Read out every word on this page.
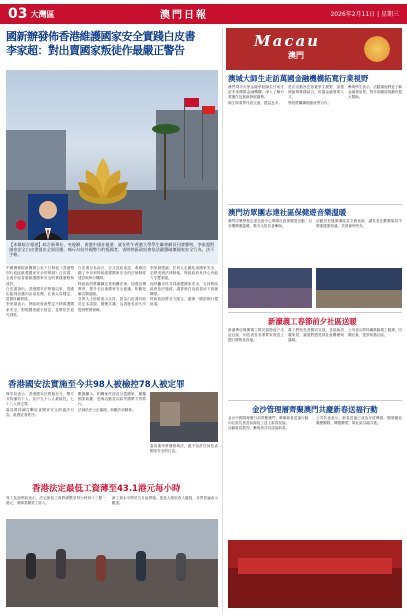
03 大灣區	澳門日報	2026年2月11日 | 星期三
國新辦發佈香港維護國家安全實踐白皮書
李家超：對出賣國家叛徒作最嚴正警告
【本報綜合報道】綜合新華社、央視網、香港中通社報道：就在昨午香港大學學生聯會網頁刊發聲明，李家超對國家安全白皮書提出全面回應，痛斥勾結外國勢力的叛國者，表明特區政府會依法嚴懲破壞國家安全行為，決不手軟。
中國國務院新聞辦公室十日發表《香港特別行政區維護國家安全的實踐》白皮書，全面介紹香港維護國家安全的實踐歷程與成效。
白皮書指出，香港國安法實施以來，香港由亂到治邁向由治及興，社會大局穩定，經濟持續發展。
李家超表示，特區政府會堅定不移維護國家安全，對叛國者絕不姑息，並將依法追究到底。
白皮書分為前言、正文及結束語，系統回顧了中央和特區維護國家安全的法律制度建設與執行機制。
特區政府將繼續完善相關法律，加強宣傳教育，提升全社會國家安全意識，防範化解各類風險。
各界人士紛紛表示支持，認為白皮書有助於正本清源、凝聚共識，為香港長治久安提供堅實保障。
李家超強調，任何人企圖危害國家安全，必將受到法律制裁，特區政府有決心有能力守護家園。
他呼籲市民共同維護國家安全，支持特區政府依法施政，讓香港在良政善治下再創輝煌。
特區政府將全力配合，確保一國兩制行穩致遠。
香港國安法實施至今共98人被檢控78人被定罪
保安局表示，香港國安法實施至今，警方共拘捕若干人，其中九十八人被檢控，七十八人被定罪。
當局將持續打擊危害國家安全的違法行為，維護社會秩序。
數據顯示，相關案件涉及分裂國家、顛覆國家政權、恐怖活動及勾結外國勢力等罪行。
法庭依法公正審理，彰顯法治精神。
當局重申將嚴格執法，絕不容許任何危害國家安全的行為。
香港法定最低工資薄至43.1港元每小時
勞工及福利局表示，法定最低工資將調整至每小時四十三點一港元，保障基層勞工收入。
新工資水平將於五月起實施，惠及大批低收入僱員，各界普遍表示歡迎。
Macau
澳門
澳城大師生走訪萬國金融機構拓寬行業視野
澳門城市大學金融學院師生日前走訪多家國際金融機構，深入了解行業運作及最新發展趨勢。
師生與業界代表交流，獲益良多。
是次活動旨在拓寬學生視野，加強理論與實踐結合，培養金融專業人才。
學院將繼續推動產學合作。
參與學生表示，活動讓他們更了解金融業前景，對未來職涯規劃有很大幫助。
澳門坊眾團志達社區保健遊音樂溫暖
澳門坊眾學校志達社區中心舉辦社區保健遊活動，以音樂傳遞溫暖，吸引大批長者參與。
活動設有健康講座及文藝表演，讓長者在歡樂氣氛中增進健康知識，共度愉快時光。
新濠義工春節前夕社區送暖
新濠博亞娛樂義工隊於春節前夕走訪社區，向長者及有需要家庭送上節日禮物及祝福。
義工們與長者親切交談，並協助清潔家居，讓他們感受到社會關懷與溫暖。
公司表示將持續推動義工服務，回饋社會，建設和諧社區。
金沙管理層齊聚澳門共慶新春送福行動
金沙中國管理層日前齊聚澳門，舉辦新春送福行動，向社區長者及前線員工送上新春祝福。
活動氣氛熱烈，參與者共同迎接新春。
公司代表表示，新春送福已成為年度傳統，期望藉此凝聚團隊，傳遞關愛，與社區共融共進。
